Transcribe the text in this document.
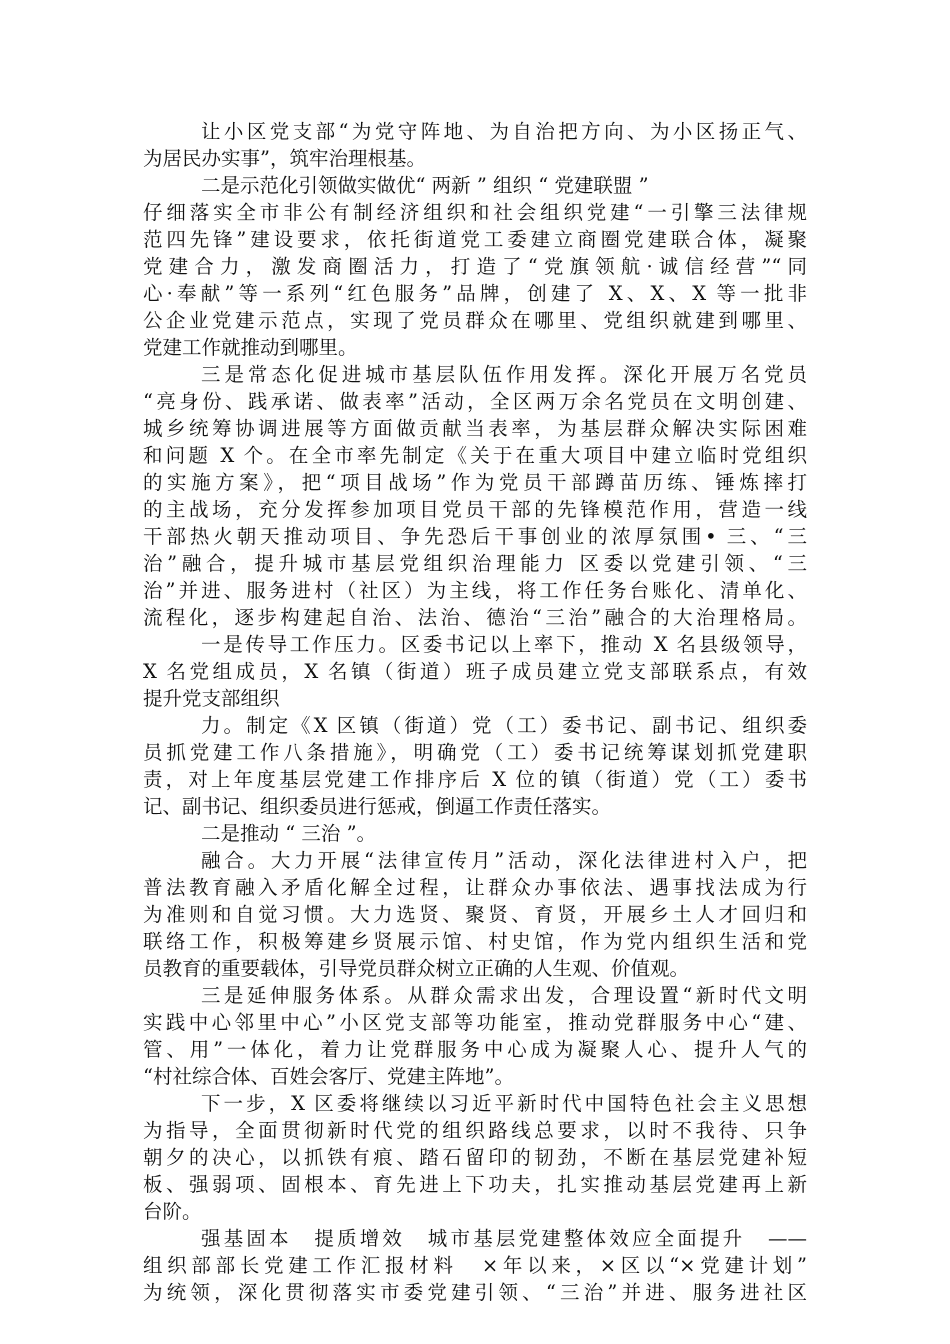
让小区党支部“为党守阵地、为自治把方向、为小区扬正气、
为居民办实事”，筑牢治理根基。
二是示范化引领做实做优“ 两新 ” 组织 “ 党建联盟 ”
仔细落实全市非公有制经济组织和社会组织党建“一引擎三法律规
范四先锋”建设要求，依托街道党工委建立商圈党建联合体，凝聚
党建合力，激发商圈活力，打造了“党旗领航·诚信经营”“同
心·奉献”等一系列“红色服务”品牌，创建了 X、X、X 等一批非
公企业党建示范点，实现了党员群众在哪里、党组织就建到哪里、
党建工作就推动到哪里。
三是常态化促进城市基层队伍作用发挥。深化开展万名党员
“亮身份、践承诺、做表率”活动，全区两万余名党员在文明创建、
城乡统筹协调进展等方面做贡献当表率，为基层群众解决实际困难
和问题 X 个。在全市率先制定《关于在重大项目中建立临时党组织
的实施方案》，把“项目战场”作为党员干部蹲苗历练、锤炼摔打
的主战场，充分发挥参加项目党员干部的先锋模范作用，营造一线
干部热火朝天推动项目、争先恐后干事创业的浓厚氛围• 三、“三
治”融合，提升城市基层党组织治理能力 区委以党建引领、“三
治”并进、服务进村（社区）为主线，将工作任务台账化、清单化、
流程化，逐步构建起自治、法治、德治“三治”融合的大治理格局。
一是传导工作压力。区委书记以上率下，推动 X 名县级领导，
X 名党组成员，X 名镇（街道）班子成员建立党支部联系点，有效
提升党支部组织
力。制定《X 区镇（街道）党（工）委书记、副书记、组织委
员抓党建工作八条措施》，明确党（工）委书记统筹谋划抓党建职
责，对上年度基层党建工作排序后 X 位的镇（街道）党（工）委书
记、副书记、组织委员进行惩戒，倒逼工作责任落实。
二是推动 “ 三治 ”。
融合。大力开展“法律宣传月”活动，深化法律进村入户，把
普法教育融入矛盾化解全过程，让群众办事依法、遇事找法成为行
为准则和自觉习惯。大力选贤、聚贤、育贤，开展乡土人才回归和
联络工作，积极筹建乡贤展示馆、村史馆，作为党内组织生活和党
员教育的重要载体，引导党员群众树立正确的人生观、价值观。
三是延伸服务体系。从群众需求出发，合理设置“新时代文明
实践中心邻里中心”小区党支部等功能室，推动党群服务中心“建、
管、用”一体化，着力让党群服务中心成为凝聚人心、提升人气的
“村社综合体、百姓会客厅、党建主阵地”。
下一步，X 区委将继续以习近平新时代中国特色社会主义思想
为指导，全面贯彻新时代党的组织路线总要求，以时不我待、只争
朝夕的决心，以抓铁有痕、踏石留印的韧劲，不断在基层党建补短
板、强弱项、固根本、育先进上下功夫，扎实推动基层党建再上新
台阶。
强基固本　提质增效　城市基层党建整体效应全面提升　——
组织部部长党建工作汇报材料　×年以来，×区以“×党建计划”
为统领，深化贯彻落实市委党建引领、“三治”并进、服务进社区
